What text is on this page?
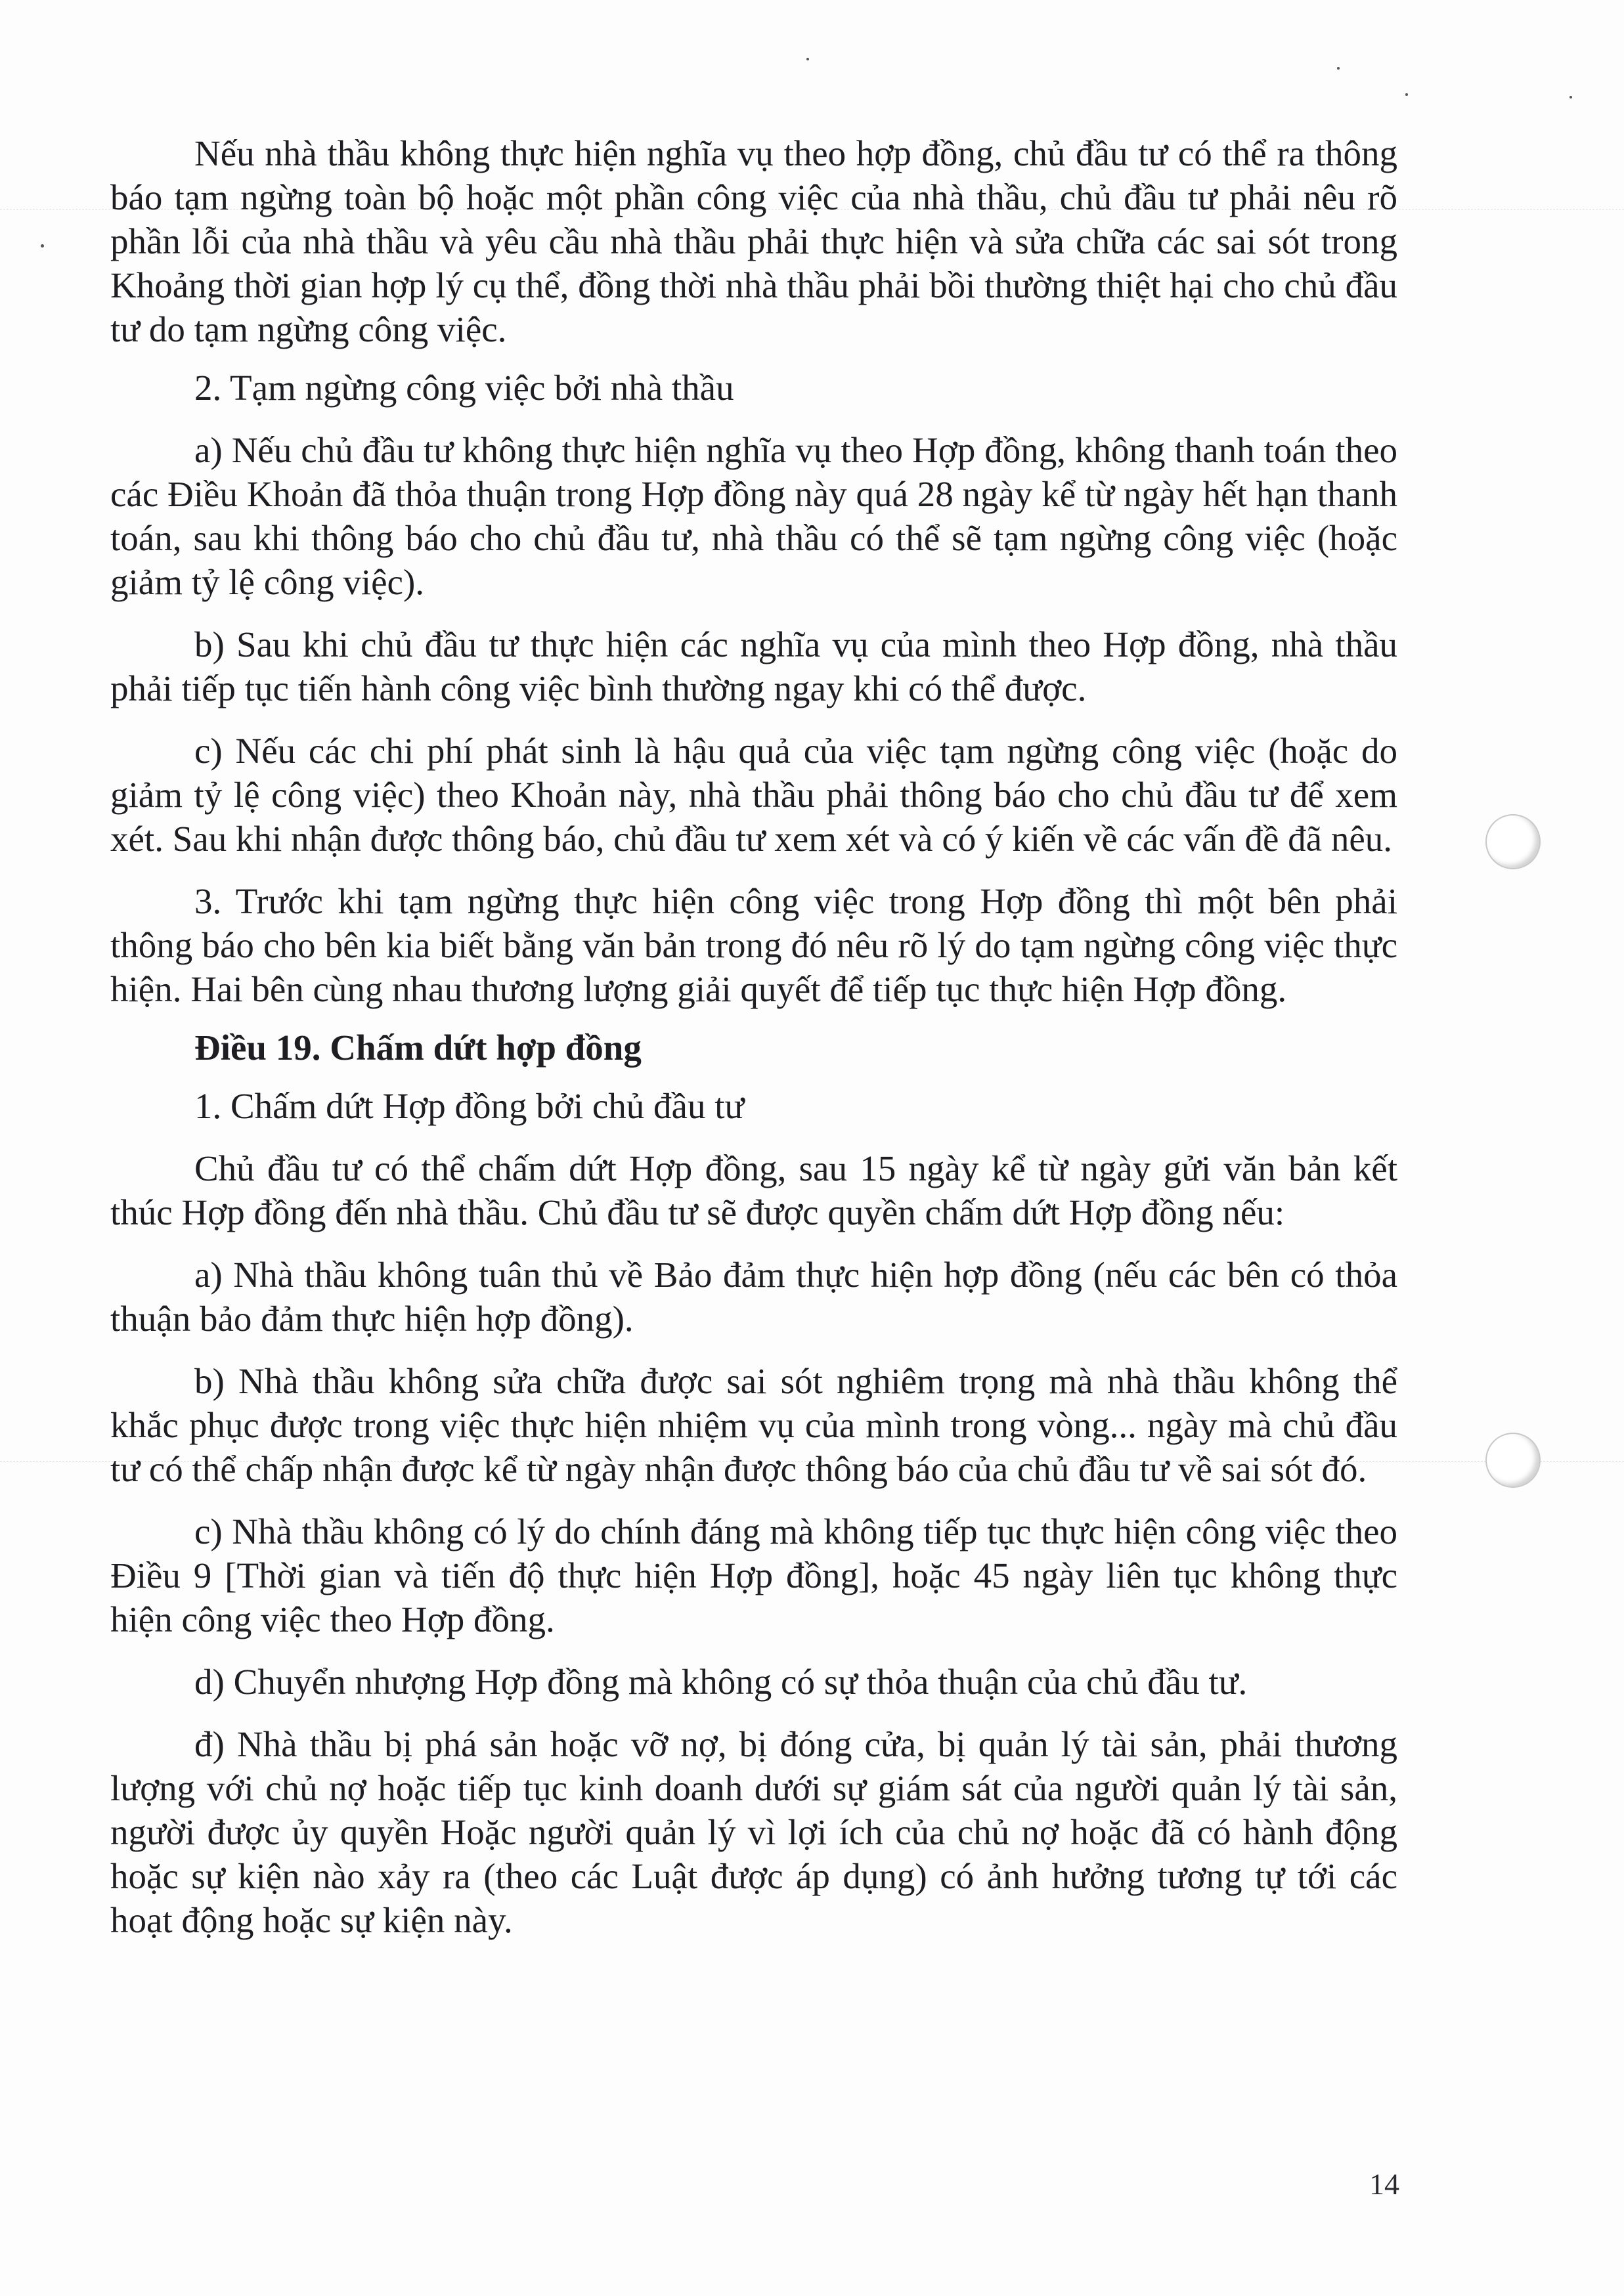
Nếu nhà thầu không thực hiện nghĩa vụ theo hợp đồng, chủ đầu tư có thể ra thông báo tạm ngừng toàn bộ hoặc một phần công việc của nhà thầu, chủ đầu tư phải nêu rõ phần lỗi của nhà thầu và yêu cầu nhà thầu phải thực hiện và sửa chữa các sai sót trong Khoảng thời gian hợp lý cụ thể, đồng thời nhà thầu phải bồi thường thiệt hại cho chủ đầu tư do tạm ngừng công việc.

2. Tạm ngừng công việc bởi nhà thầu

a) Nếu chủ đầu tư không thực hiện nghĩa vụ theo Hợp đồng, không thanh toán theo các Điều Khoản đã thỏa thuận trong Hợp đồng này quá 28 ngày kể từ ngày hết hạn thanh toán, sau khi thông báo cho chủ đầu tư, nhà thầu có thể sẽ tạm ngừng công việc (hoặc giảm tỷ lệ công việc).

b) Sau khi chủ đầu tư thực hiện các nghĩa vụ của mình theo Hợp đồng, nhà thầu phải tiếp tục tiến hành công việc bình thường ngay khi có thể được.

c) Nếu các chi phí phát sinh là hậu quả của việc tạm ngừng công việc (hoặc do giảm tỷ lệ công việc) theo Khoản này, nhà thầu phải thông báo cho chủ đầu tư để xem xét. Sau khi nhận được thông báo, chủ đầu tư xem xét và có ý kiến về các vấn đề đã nêu.

3. Trước khi tạm ngừng thực hiện công việc trong Hợp đồng thì một bên phải thông báo cho bên kia biết bằng văn bản trong đó nêu rõ lý do tạm ngừng công việc thực hiện. Hai bên cùng nhau thương lượng giải quyết để tiếp tục thực hiện Hợp đồng.

Điều 19. Chấm dứt hợp đồng

1. Chấm dứt Hợp đồng bởi chủ đầu tư

Chủ đầu tư có thể chấm dứt Hợp đồng, sau 15 ngày kể từ ngày gửi văn bản kết thúc Hợp đồng đến nhà thầu. Chủ đầu tư sẽ được quyền chấm dứt Hợp đồng nếu:

a) Nhà thầu không tuân thủ về Bảo đảm thực hiện hợp đồng (nếu các bên có thỏa thuận bảo đảm thực hiện hợp đồng).

b) Nhà thầu không sửa chữa được sai sót nghiêm trọng mà nhà thầu không thể khắc phục được trong việc thực hiện nhiệm vụ của mình trong vòng... ngày mà chủ đầu tư có thể chấp nhận được kể từ ngày nhận được thông báo của chủ đầu tư về sai sót đó.

c) Nhà thầu không có lý do chính đáng mà không tiếp tục thực hiện công việc theo Điều 9 [Thời gian và tiến độ thực hiện Hợp đồng], hoặc 45 ngày liên tục không thực hiện công việc theo Hợp đồng.

d) Chuyển nhượng Hợp đồng mà không có sự thỏa thuận của chủ đầu tư.

đ) Nhà thầu bị phá sản hoặc vỡ nợ, bị đóng cửa, bị quản lý tài sản, phải thương lượng với chủ nợ hoặc tiếp tục kinh doanh dưới sự giám sát của người quản lý tài sản, người được ủy quyền Hoặc người quản lý vì lợi ích của chủ nợ hoặc đã có hành động hoặc sự kiện nào xảy ra (theo các Luật được áp dụng) có ảnh hưởng tương tự tới các hoạt động hoặc sự kiện này.

14
